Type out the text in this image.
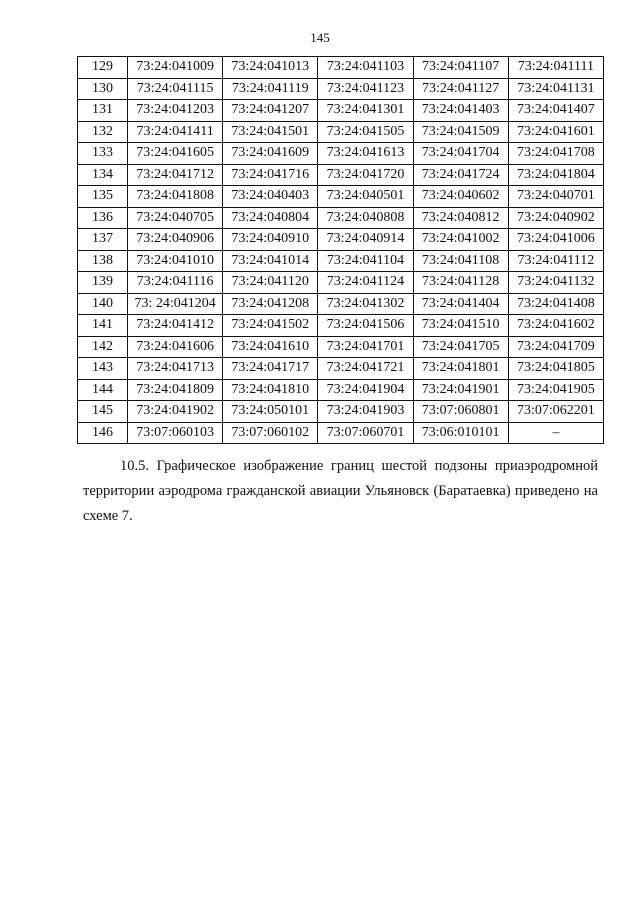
145
129	73:24:041009	73:24:041013	73:24:041103	73:24:041107	73:24:041111
130	73:24:041115	73:24:041119	73:24:041123	73:24:041127	73:24:041131
131	73:24:041203	73:24:041207	73:24:041301	73:24:041403	73:24:041407
132	73:24:041411	73:24:041501	73:24:041505	73:24:041509	73:24:041601
133	73:24:041605	73:24:041609	73:24:041613	73:24:041704	73:24:041708
134	73:24:041712	73:24:041716	73:24:041720	73:24:041724	73:24:041804
135	73:24:041808	73:24:040403	73:24:040501	73:24:040602	73:24:040701
136	73:24:040705	73:24:040804	73:24:040808	73:24:040812	73:24:040902
137	73:24:040906	73:24:040910	73:24:040914	73:24:041002	73:24:041006
138	73:24:041010	73:24:041014	73:24:041104	73:24:041108	73:24:041112
139	73:24:041116	73:24:041120	73:24:041124	73:24:041128	73:24:041132
140	73: 24:041204	73:24:041208	73:24:041302	73:24:041404	73:24:041408
141	73:24:041412	73:24:041502	73:24:041506	73:24:041510	73:24:041602
142	73:24:041606	73:24:041610	73:24:041701	73:24:041705	73:24:041709
143	73:24:041713	73:24:041717	73:24:041721	73:24:041801	73:24:041805
144	73:24:041809	73:24:041810	73:24:041904	73:24:041901	73:24:041905
145	73:24:041902	73:24:050101	73:24:041903	73:07:060801	73:07:062201
146	73:07:060103	73:07:060102	73:07:060701	73:06:010101	–

10.5. Графическое изображение границ шестой подзоны приаэродромной территории аэродрома гражданской авиации Ульяновск (Баратаевка) приведено на схеме 7.
